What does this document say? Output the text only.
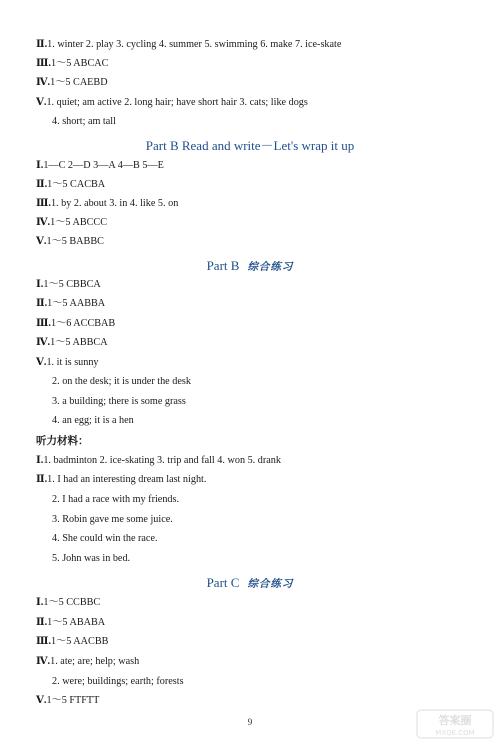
Ⅱ.1. winter 2. play 3. cycling 4. summer 5. swimming 6. make 7. ice-skate
Ⅲ.1～5 ABCAC
Ⅳ.1～5 CAEBD
Ⅴ.1. quiet; am active 2. long hair; have short hair 3. cats; like dogs
4. short; am tall
Part B Read and write－Let's wrap it up
Ⅰ.1—C 2—D 3—A 4—B 5—E
Ⅱ.1～5 CACBA
Ⅲ.1. by 2. about 3. in 4. like 5. on
Ⅳ.1～5 ABCCC
Ⅴ.1～5 BABBC
Part B 综合练习
Ⅰ.1～5 CBBCA
Ⅱ.1～5 AABBA
Ⅲ.1～6 ACCBAB
Ⅳ.1～5 ABBCA
Ⅴ.1. it is sunny
2. on the desk; it is under the desk
3. a building; there is some grass
4. an egg; it is a hen
听力材料：
Ⅰ.1. badminton 2. ice-skating 3. trip and fall 4. won 5. drank
Ⅱ.1. I had an interesting dream last night.
2. I had a race with my friends.
3. Robin gave me some juice.
4. She could win the race.
5. John was in bed.
Part C 综合练习
Ⅰ.1～5 CCBBC
Ⅱ.1～5 ABABA
Ⅲ.1～5 AACBB
Ⅳ.1. ate; are; help; wash
2. were; buildings; earth; forests
Ⅴ.1～5 FTFTT
9	答案圈
MXQE.COM
